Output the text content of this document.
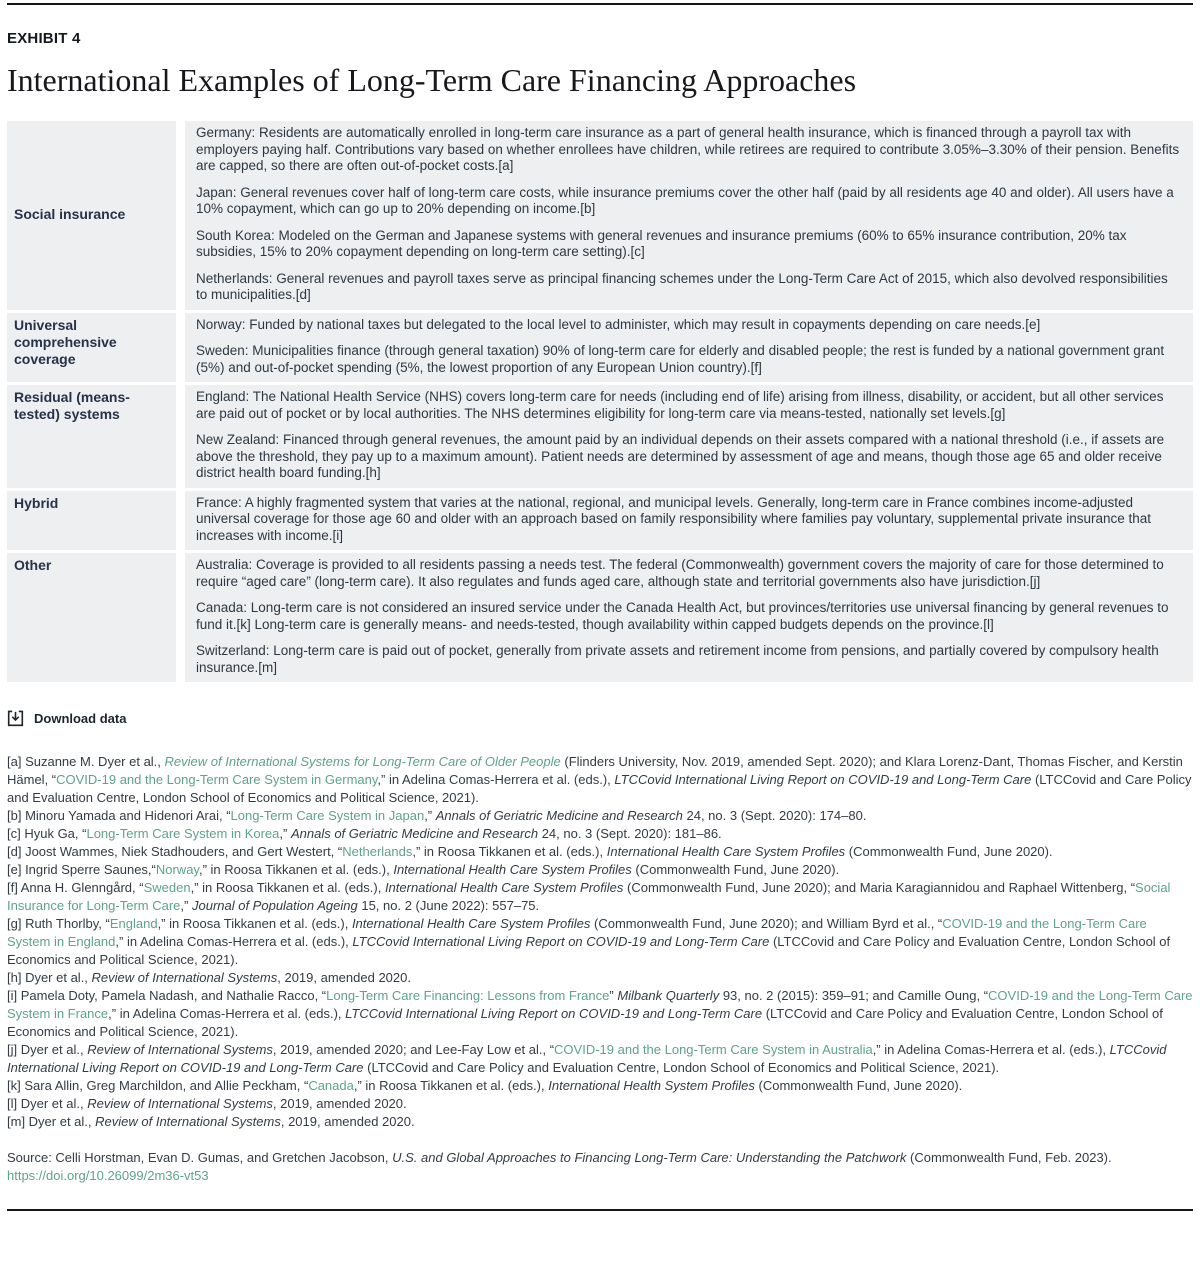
EXHIBIT 4
International Examples of Long-Term Care Financing Approaches
Social insurance

Germany: Residents are automatically enrolled in long-term care insurance as a part of general health insurance, which is financed through a payroll tax with employers paying half. Contributions vary based on whether enrollees have children, while retirees are required to contribute 3.05%–3.30% of their pension. Benefits are capped, so there are often out-of-pocket costs.[a]

Japan: General revenues cover half of long-term care costs, while insurance premiums cover the other half (paid by all residents age 40 and older). All users have a 10% copayment, which can go up to 20% depending on income.[b]

South Korea: Modeled on the German and Japanese systems with general revenues and insurance premiums (60% to 65% insurance contribution, 20% tax subsidies, 15% to 20% copayment depending on long-term care setting).[c]

Netherlands: General revenues and payroll taxes serve as principal financing schemes under the Long-Term Care Act of 2015, which also devolved responsibilities to municipalities.[d]

Universal comprehensive coverage

Norway: Funded by national taxes but delegated to the local level to administer, which may result in copayments depending on care needs.[e]

Sweden: Municipalities finance (through general taxation) 90% of long-term care for elderly and disabled people; the rest is funded by a national government grant (5%) and out-of-pocket spending (5%, the lowest proportion of any European Union country).[f]

Residual (means-tested) systems

England: The National Health Service (NHS) covers long-term care for needs (including end of life) arising from illness, disability, or accident, but all other services are paid out of pocket or by local authorities. The NHS determines eligibility for long-term care via means-tested, nationally set levels.[g]

New Zealand: Financed through general revenues, the amount paid by an individual depends on their assets compared with a national threshold (i.e., if assets are above the threshold, they pay up to a maximum amount). Patient needs are determined by assessment of age and means, though those age 65 and older receive district health board funding.[h]

Hybrid	France: A highly fragmented system that varies at the national, regional, and municipal levels. Generally, long-term care in France combines income-adjusted universal coverage for those age 60 and older with an approach based on family responsibility where families pay voluntary, supplemental private insurance that increases with income.[i]

Other	Australia: Coverage is provided to all residents passing a needs test. The federal (Commonwealth) government covers the majority of care for those determined to require “aged care” (long-term care). It also regulates and funds aged care, although state and territorial governments also have jurisdiction.[j]

Canada: Long-term care is not considered an insured service under the Canada Health Act, but provinces/territories use universal financing by general revenues to fund it.[k] Long-term care is generally means- and needs-tested, though availability within capped budgets depends on the province.[l]

Switzerland: Long-term care is paid out of pocket, generally from private assets and retirement income from pensions, and partially covered by compulsory health insurance.[m]

Download data
[a] Suzanne M. Dyer et al., Review of International Systems for Long-Term Care of Older People (Flinders University, Nov. 2019, amended Sept. 2020); and Klara Lorenz-Dant, Thomas Fischer, and Kerstin Hämel, “COVID-19 and the Long-Term Care System in Germany,” in Adelina Comas-Herrera et al. (eds.), LTCCovid International Living Report on COVID-19 and Long-Term Care (LTCCovid and Care Policy and Evaluation Centre, London School of Economics and Political Science, 2021).
[b] Minoru Yamada and Hidenori Arai, “Long-Term Care System in Japan,” Annals of Geriatric Medicine and Research 24, no. 3 (Sept. 2020): 174–80.
[c] Hyuk Ga, “Long-Term Care System in Korea,” Annals of Geriatric Medicine and Research 24, no. 3 (Sept. 2020): 181–86.
[d] Joost Wammes, Niek Stadhouders, and Gert Westert, “Netherlands,” in Roosa Tikkanen et al. (eds.), International Health Care System Profiles (Commonwealth Fund, June 2020).
[e] Ingrid Sperre Saunes,“Norway,” in Roosa Tikkanen et al. (eds.), International Health Care System Profiles (Commonwealth Fund, June 2020).
[f] Anna H. Glenngård, “Sweden,” in Roosa Tikkanen et al. (eds.), International Health Care System Profiles (Commonwealth Fund, June 2020); and Maria Karagiannidou and Raphael Wittenberg, “Social Insurance for Long-Term Care,” Journal of Population Ageing 15, no. 2 (June 2022): 557–75.
[g] Ruth Thorlby, “England,” in Roosa Tikkanen et al. (eds.), International Health Care System Profiles (Commonwealth Fund, June 2020); and William Byrd et al., “COVID-19 and the Long-Term Care System in England,” in Adelina Comas-Herrera et al. (eds.), LTCCovid International Living Report on COVID-19 and Long-Term Care (LTCCovid and Care Policy and Evaluation Centre, London School of Economics and Political Science, 2021).
[h] Dyer et al., Review of International Systems, 2019, amended 2020.
[i] Pamela Doty, Pamela Nadash, and Nathalie Racco, “Long-Term Care Financing: Lessons from France” Milbank Quarterly 93, no. 2 (2015): 359–91; and Camille Oung, “COVID-19 and the Long-Term Care System in France,” in Adelina Comas-Herrera et al. (eds.), LTCCovid International Living Report on COVID-19 and Long-Term Care (LTCCovid and Care Policy and Evaluation Centre, London School of Economics and Political Science, 2021).
[j] Dyer et al., Review of International Systems, 2019, amended 2020; and Lee-Fay Low et al., “COVID-19 and the Long-Term Care System in Australia,” in Adelina Comas-Herrera et al. (eds.), LTCCovid International Living Report on COVID-19 and Long-Term Care (LTCCovid and Care Policy and Evaluation Centre, London School of Economics and Political Science, 2021).
[k] Sara Allin, Greg Marchildon, and Allie Peckham, “Canada,” in Roosa Tikkanen et al. (eds.), International Health System Profiles (Commonwealth Fund, June 2020).
[l] Dyer et al., Review of International Systems, 2019, amended 2020.
[m] Dyer et al., Review of International Systems, 2019, amended 2020.

Source: Celli Horstman, Evan D. Gumas, and Gretchen Jacobson, U.S. and Global Approaches to Financing Long-Term Care: Understanding the Patchwork (Commonwealth Fund, Feb. 2023). https://doi.org/10.26099/2m36-vt53
